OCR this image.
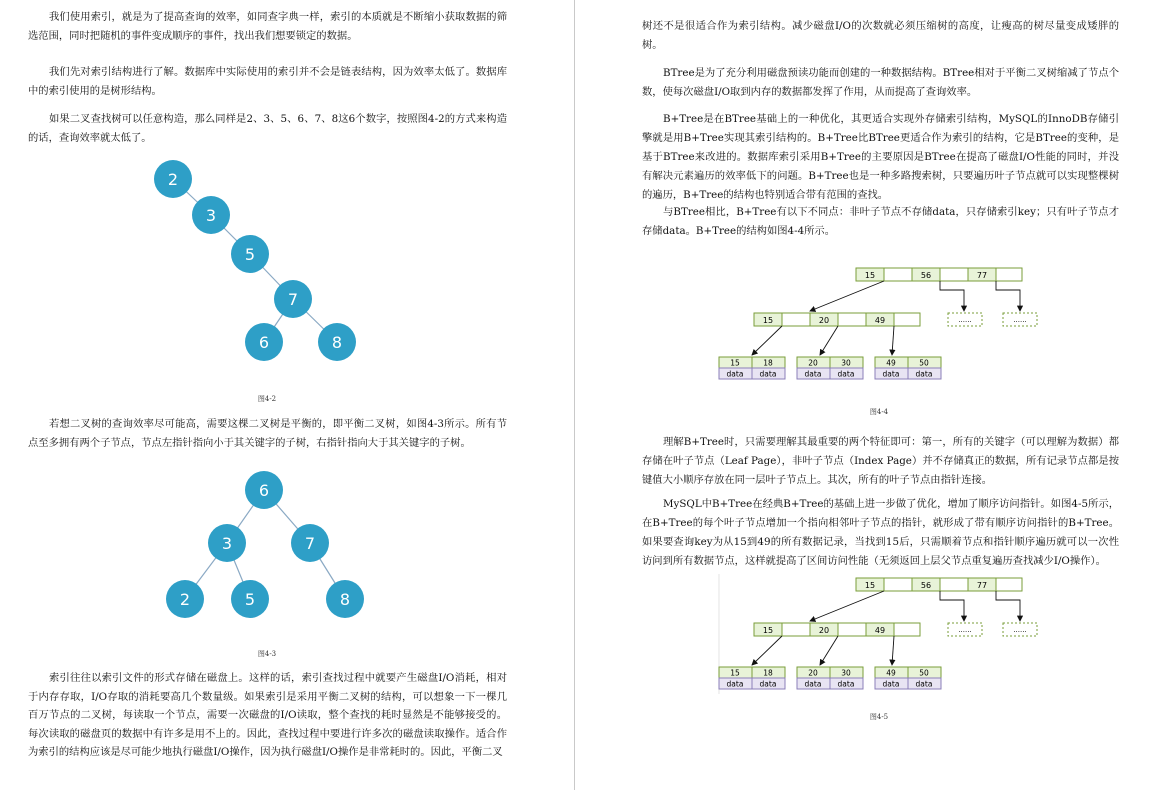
我们使用索引，就是为了提高查询的效率，如同查字典一样，索引的本质就是不断缩小获取数据的筛选范围，同时把随机的事件变成顺序的事件，找出我们想要锁定的数据。

我们先对索引结构进行了解。数据库中实际使用的索引并不会是链表结构，因为效率太低了。数据库中的索引使用的是树形结构。

如果二叉查找树可以任意构造，那么同样是2、3、5、6、7、8这6个数字，按照图4-2的方式来构造的话，查询效率就太低了。

2
3
5
7
6	8
图4-2

若想二叉树的查询效率尽可能高，需要这棵二叉树是平衡的，即平衡二叉树，如图4-3所示。所有节点至多拥有两个子节点，节点左指针指向小于其关键字的子树，右指针指向大于其关键字的子树。

6
3	7
2	5	8
图4-3

索引往往以索引文件的形式存储在磁盘上。这样的话，索引查找过程中就要产生磁盘I/O消耗，相对于内存存取，I/O存取的消耗要高几个数量级。如果索引是采用平衡二叉树的结构，可以想象一下一棵几百万节点的二叉树，每读取一个节点，需要一次磁盘的I/O读取，整个查找的耗时显然是不能够接受的。每次读取的磁盘页的数据中有许多是用不上的。因此，查找过程中要进行许多次的磁盘读取操作。适合作为索引的结构应该是尽可能少地执行磁盘I/O操作，因为执行磁盘I/O操作是非常耗时的。因此，平衡二叉

树还不是很适合作为索引结构。减少磁盘I/O的次数就必须压缩树的高度，让瘦高的树尽量变成矮胖的树。

BTree是为了充分利用磁盘预读功能而创建的一种数据结构。BTree相对于平衡二叉树缩减了节点个数，使每次磁盘I/O取到内存的数据都发挥了作用，从而提高了查询效率。

B+Tree是在BTree基础上的一种优化，其更适合实现外存储索引结构，MySQL的InnoDB存储引擎就是用B+Tree实现其索引结构的。B+Tree比BTree更适合作为索引的结构，它是BTree的变种，是基于BTree来改进的。数据库索引采用B+Tree的主要原因是BTree在提高了磁盘I/O性能的同时，并没有解决元素遍历的效率低下的问题。B+Tree也是一种多路搜索树，只要遍历叶子节点就可以实现整棵树的遍历，B+Tree的结构也特别适合带有范围的查找。

与BTree相比，B+Tree有以下不同点：非叶子节点不存储data，只存储索引key；只有叶子节点才存储data。B+Tree的结构如图4-4所示。

15	56	77
15	20	49	......	......
15	18
data data
20	30
data data
49	50
data data
图4-4

理解B+Tree时，只需要理解其最重要的两个特征即可：第一，所有的关键字（可以理解为数据）都存储在叶子节点（Leaf Page），非叶子节点（Index Page）并不存储真正的数据，所有记录节点都是按键值大小顺序存放在同一层叶子节点上。其次，所有的叶子节点由指针连接。

MySQL中B+Tree在经典B+Tree的基础上进一步做了优化，增加了顺序访问指针。如图4-5所示，在B+Tree的每个叶子节点增加一个指向相邻叶子节点的指针，就形成了带有顺序访问指针的B+Tree。如果要查询key为从15到49的所有数据记录，当找到15后，只需顺着节点和指针顺序遍历就可以一次性访问到所有数据节点，这样就提高了区间访问性能（无须返回上层父节点重复遍历查找减少I/O操作）。

15	56	77
15	20	49	......	......
15	18
data data
20	30
data data
49	50
data data
图4-5
